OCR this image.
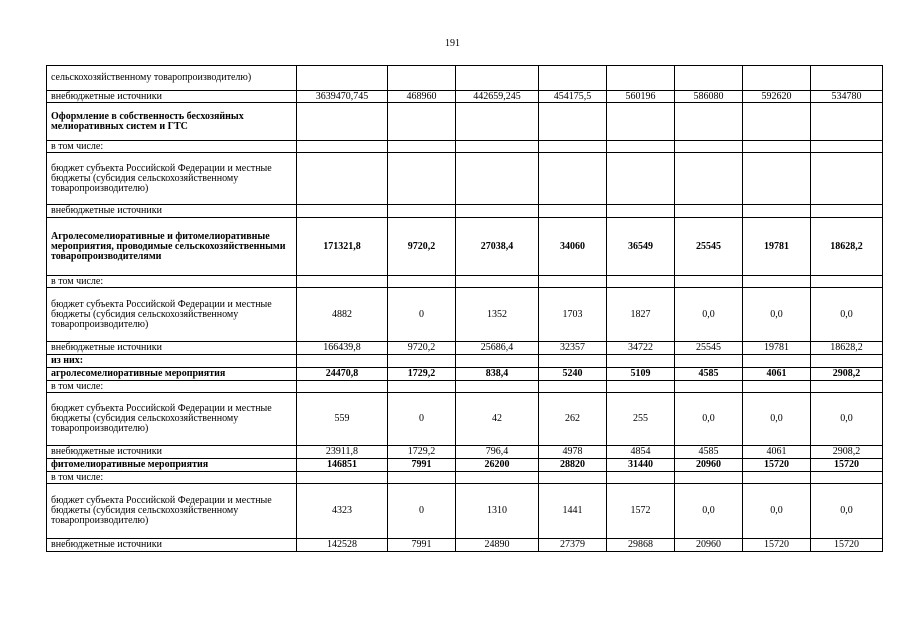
191
сельскохозяйственному товаропроизводителю)								
внебюджетные источники	3639470,745	468960	442659,245	454175,5	560196	586080	592620	534780
Оформление в собственность бесхозяйных мелиоративных систем и ГТС								
в том числе:								
бюджет субъекта Российской Федерации и местные бюджеты (субсидия сельскохозяйственному товаропроизводителю)								
внебюджетные источники								
Агролесомелиоративные и фитомелиоративные мероприятия, проводимые сельскохозяйственными товаропроизводителями	171321,8	9720,2	27038,4	34060	36549	25545	19781	18628,2
в том числе:								
бюджет субъекта Российской Федерации и местные бюджеты (субсидия сельскохозяйственному товаропроизводителю)	4882	0	1352	1703	1827	0,0	0,0	0,0
внебюджетные источники	166439,8	9720,2	25686,4	32357	34722	25545	19781	18628,2
из них:								
агролесомелиоративные мероприятия	24470,8	1729,2	838,4	5240	5109	4585	4061	2908,2
в том числе:								
бюджет субъекта Российской Федерации и местные бюджеты (субсидия сельскохозяйственному товаропроизводителю)	559	0	42	262	255	0,0	0,0	0,0
внебюджетные источники	23911,8	1729,2	796,4	4978	4854	4585	4061	2908,2
фитомелиоративные мероприятия	146851	7991	26200	28820	31440	20960	15720	15720
в том числе:								
бюджет субъекта Российской Федерации и местные бюджеты (субсидия сельскохозяйственному товаропроизводителю)	4323	0	1310	1441	1572	0,0	0,0	0,0
внебюджетные источники	142528	7991	24890	27379	29868	20960	15720	15720
